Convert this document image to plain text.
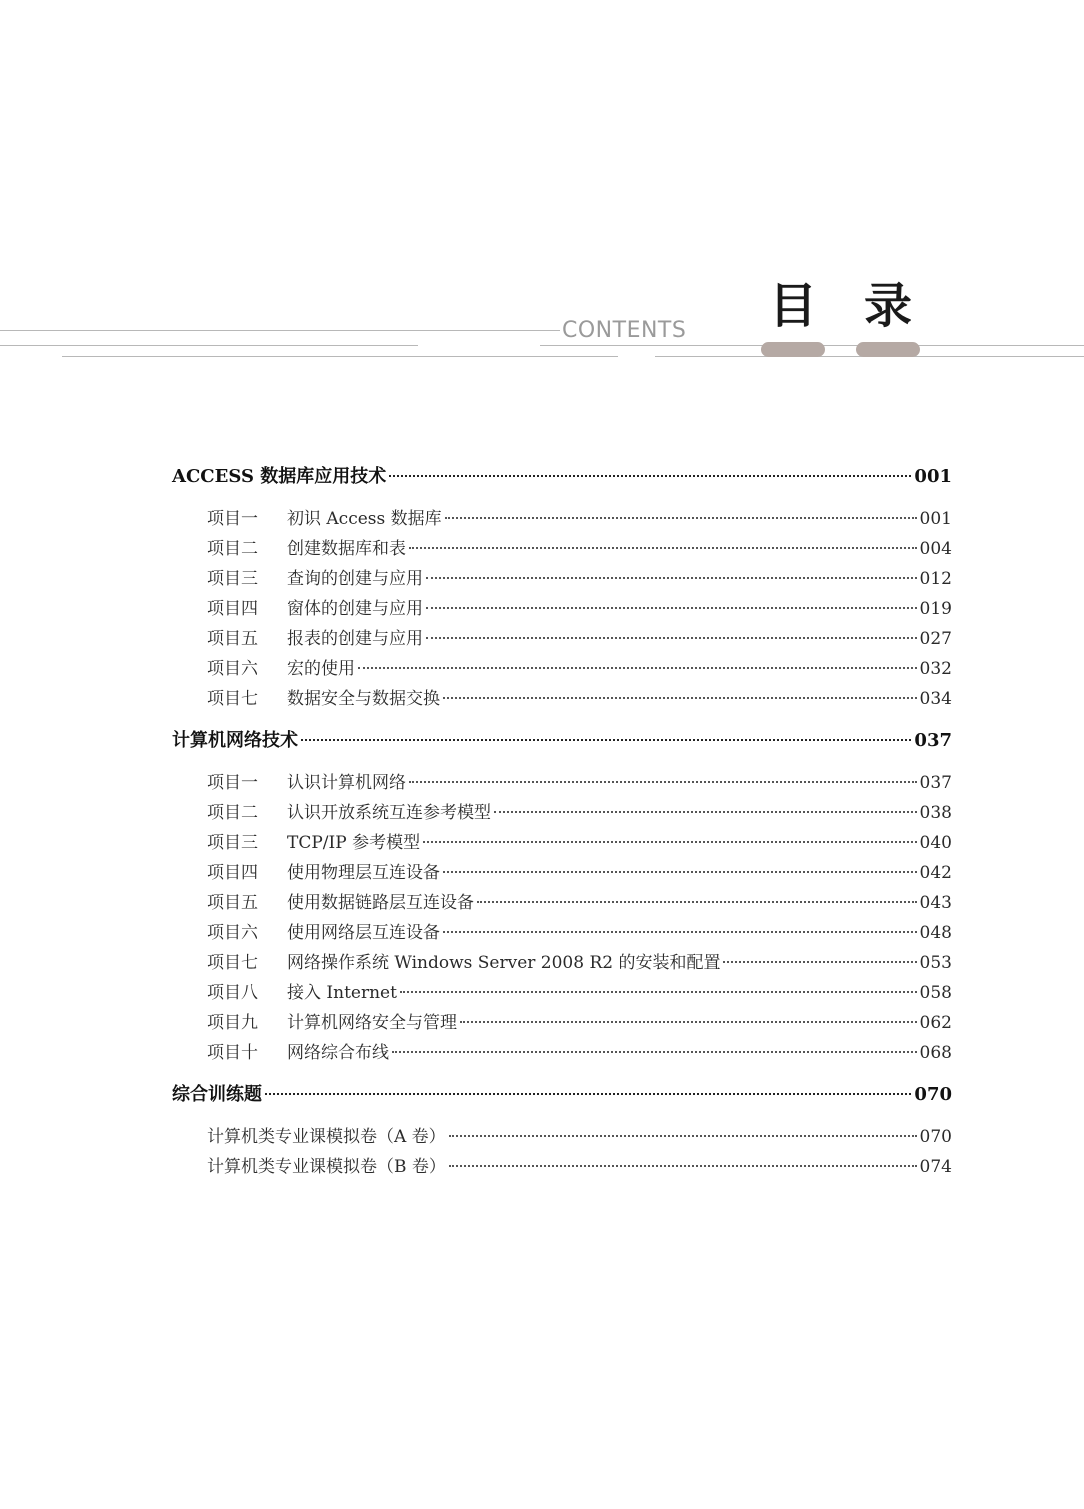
CONTENTS 目 录
ACCESS 数据库应用技术	001
项目一	初识 Access 数据库	001
项目二	创建数据库和表	004
项目三	查询的创建与应用	012
项目四	窗体的创建与应用	019
项目五	报表的创建与应用	027
项目六	宏的使用	032
项目七	数据安全与数据交换	034
计算机网络技术	037
项目一	认识计算机网络	037
项目二	认识开放系统互连参考模型	038
项目三	TCP/IP 参考模型	040
项目四	使用物理层互连设备	042
项目五	使用数据链路层互连设备	043
项目六	使用网络层互连设备	048
项目七	网络操作系统 Windows Server 2008 R2 的安装和配置	053
项目八	接入 Internet	058
项目九	计算机网络安全与管理	062
项目十	网络综合布线	068
综合训练题	070
计算机类专业课模拟卷（A 卷）	070
计算机类专业课模拟卷（B 卷）	074
